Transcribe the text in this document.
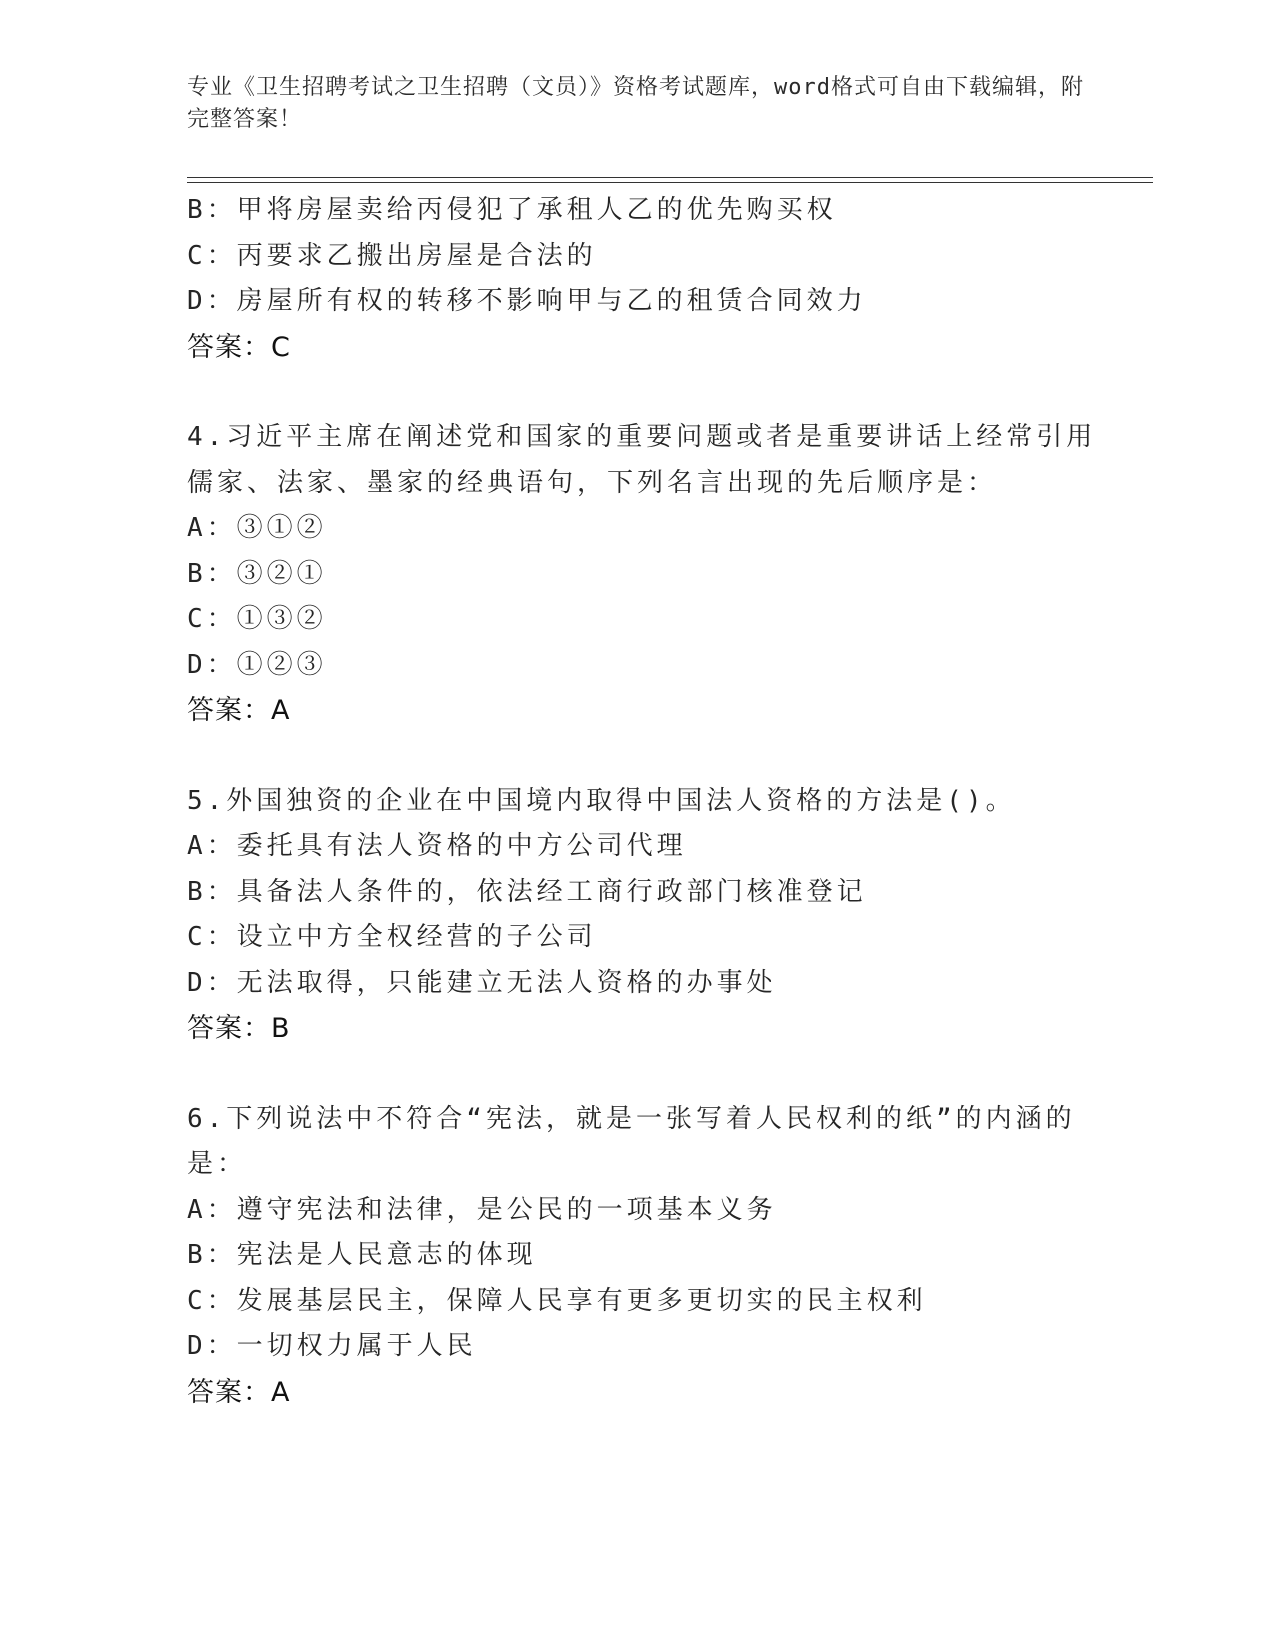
专业《卫生招聘考试之卫生招聘（文员）》资格考试题库，word格式可自由下载编辑，附完整答案！
B：甲将房屋卖给丙侵犯了承租人乙的优先购买权
C：丙要求乙搬出房屋是合法的
D：房屋所有权的转移不影响甲与乙的租赁合同效力
答案：C
4.习近平主席在阐述党和国家的重要问题或者是重要讲话上经常引用
儒家、法家、墨家的经典语句，下列名言出现的先后顺序是：
A：③①②
B：③②①
C：①③②
D：①②③
答案：A
5.外国独资的企业在中国境内取得中国法人资格的方法是()。
A：委托具有法人资格的中方公司代理
B：具备法人条件的，依法经工商行政部门核准登记
C：设立中方全权经营的子公司
D：无法取得，只能建立无法人资格的办事处
答案：B
6.下列说法中不符合“宪法，就是一张写着人民权利的纸”的内涵的
是：
A：遵守宪法和法律，是公民的一项基本义务
B：宪法是人民意志的体现
C：发展基层民主，保障人民享有更多更切实的民主权利
D：一切权力属于人民
答案：A
